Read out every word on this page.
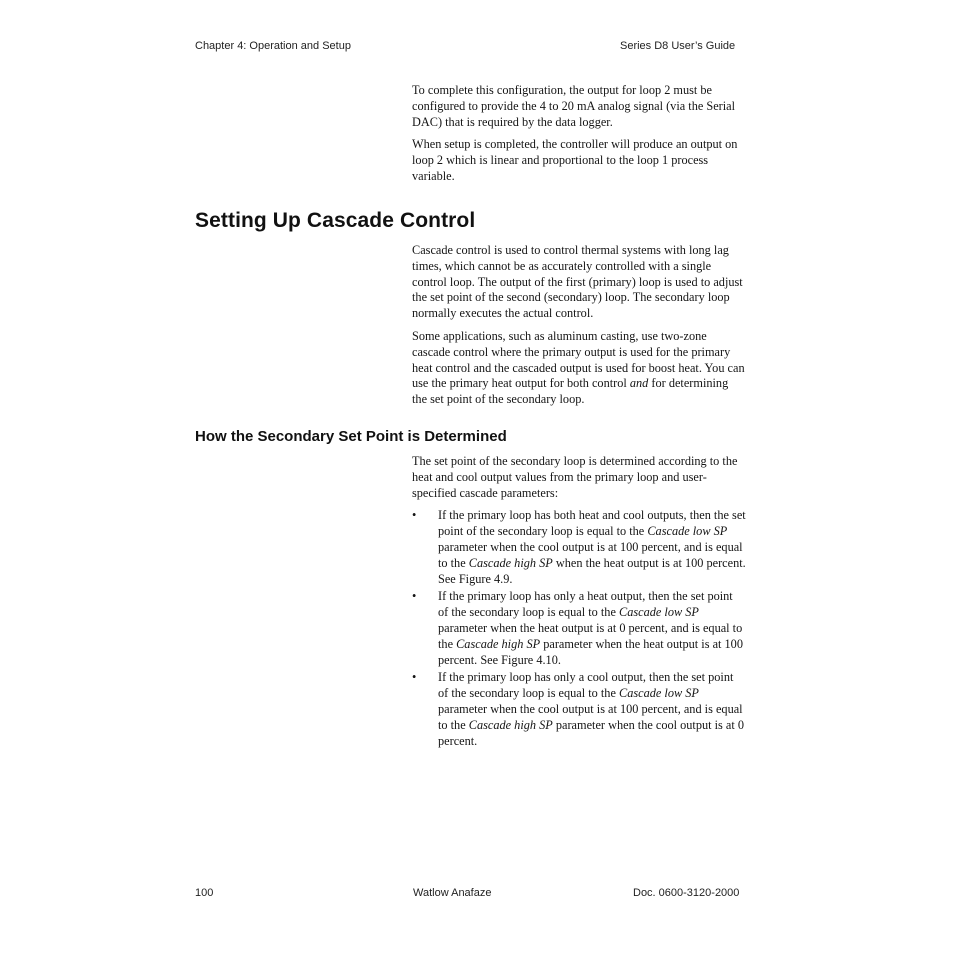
Chapter 4: Operation and Setup	Series D8 User’s Guide

To complete this configuration, the output for loop 2 must be configured to provide the 4 to 20 mA analog signal (via the Serial DAC) that is required by the data logger.

When setup is completed, the controller will produce an output on loop 2 which is linear and proportional to the loop 1 process variable.

Setting Up Cascade Control

Cascade control is used to control thermal systems with long lag times, which cannot be as accurately controlled with a single control loop. The output of the first (primary) loop is used to adjust the set point of the second (secondary) loop. The secondary loop normally executes the actual control.

Some applications, such as aluminum casting, use two-zone cascade control where the primary output is used for the primary heat control and the cascaded output is used for boost heat. You can use the primary heat output for both control and for determining the set point of the secondary loop.

How the Secondary Set Point is Determined

The set point of the secondary loop is determined according to the heat and cool output values from the primary loop and user-specified cascade parameters:

• If the primary loop has both heat and cool outputs, then the set point of the secondary loop is equal to the Cascade low SP parameter when the cool output is at 100 percent, and is equal to the Cascade high SP when the heat output is at 100 percent. See Figure 4.9.
• If the primary loop has only a heat output, then the set point of the secondary loop is equal to the Cascade low SP parameter when the heat output is at 0 percent, and is equal to the Cascade high SP parameter when the heat output is at 100 percent. See Figure 4.10.
• If the primary loop has only a cool output, then the set point of the secondary loop is equal to the Cascade low SP parameter when the cool output is at 100 percent, and is equal to the Cascade high SP parameter when the cool output is at 0 percent.
100	Watlow Anafaze	Doc. 0600-3120-2000
